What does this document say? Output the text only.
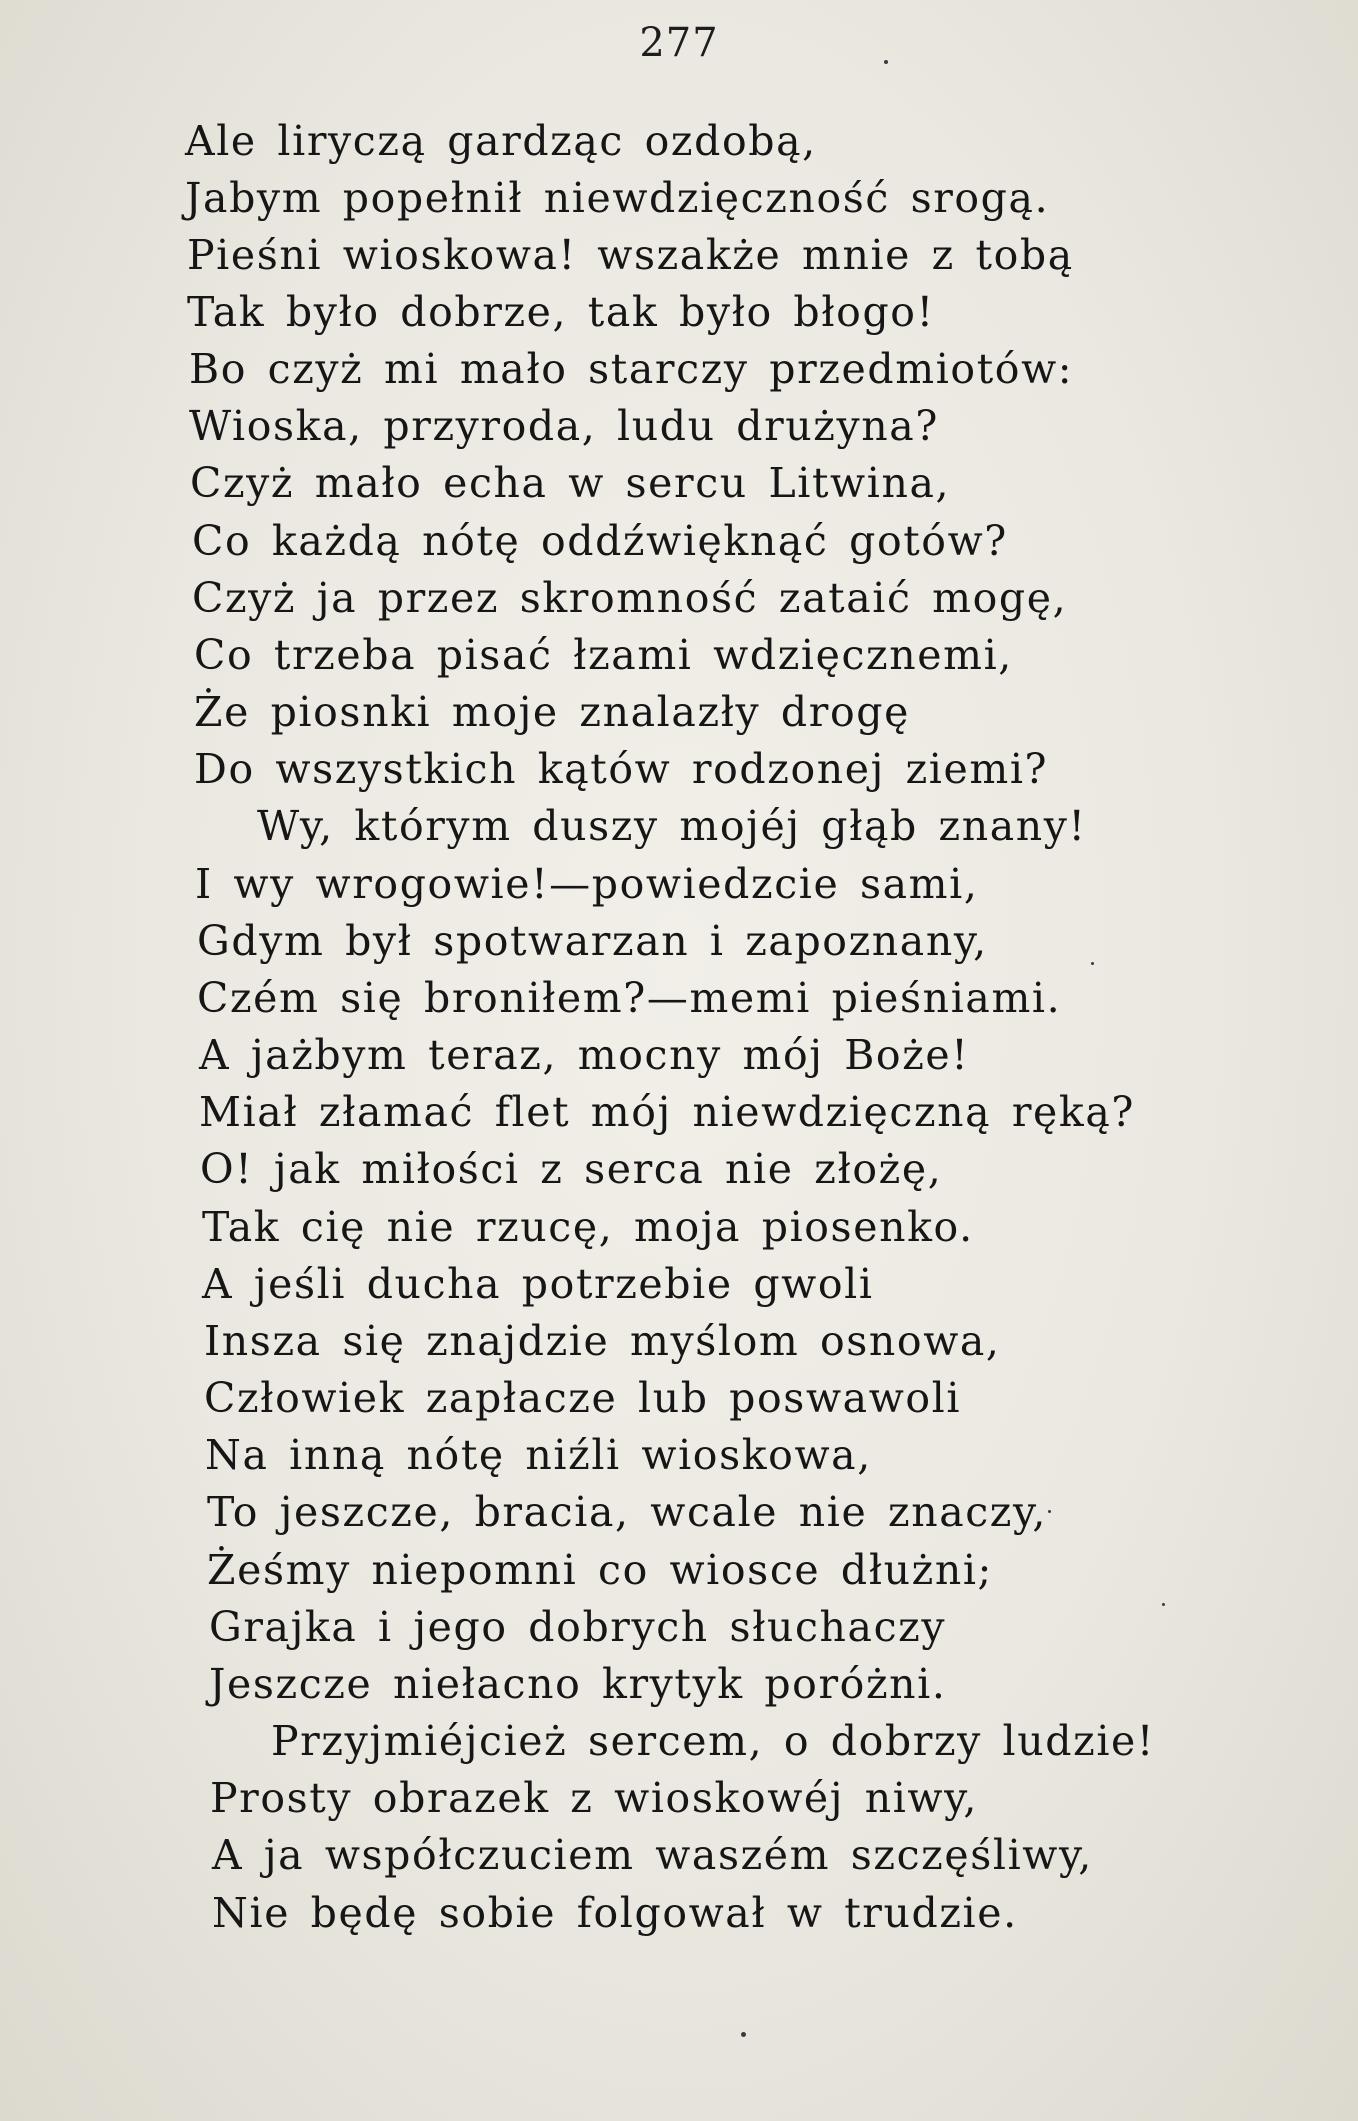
277
Ale liryczą gardząc ozdobą,
Jabym popełnił niewdzięczność srogą.
Pieśni wioskowa! wszakże mnie z tobą
Tak było dobrze, tak było błogo!
Bo czyż mi mało starczy przedmiotów:
Wioska, przyroda, ludu drużyna?
Czyż mało echa w sercu Litwina,
Co każdą nótę oddźwięknąć gotów?
Czyż ja przez skromność zataić mogę,
Co trzeba pisać łzami wdzięcznemi,
Że piosnki moje znalazły drogę
Do wszystkich kątów rodzonej ziemi?
Wy, którym duszy mojéj głąb znany!
I wy wrogowie!—powiedzcie sami,
Gdym był spotwarzan i zapoznany,
Czém się broniłem?—memi pieśniami.
A jażbym teraz, mocny mój Boże!
Miał złamać flet mój niewdzięczną ręką?
O! jak miłości z serca nie złożę,
Tak cię nie rzucę, moja piosenko.
A jeśli ducha potrzebie gwoli
Insza się znajdzie myślom osnowa,
Człowiek zapłacze lub poswawoli
Na inną nótę niźli wioskowa,
To jeszcze, bracia, wcale nie znaczy,
Żeśmy niepomni co wiosce dłużni;
Grajka i jego dobrych słuchaczy
Jeszcze niełacno krytyk poróżni.
Przyjmiéjcież sercem, o dobrzy ludzie!
Prosty obrazek z wioskowéj niwy,
A ja współczuciem waszém szczęśliwy,
Nie będę sobie folgował w trudzie.
